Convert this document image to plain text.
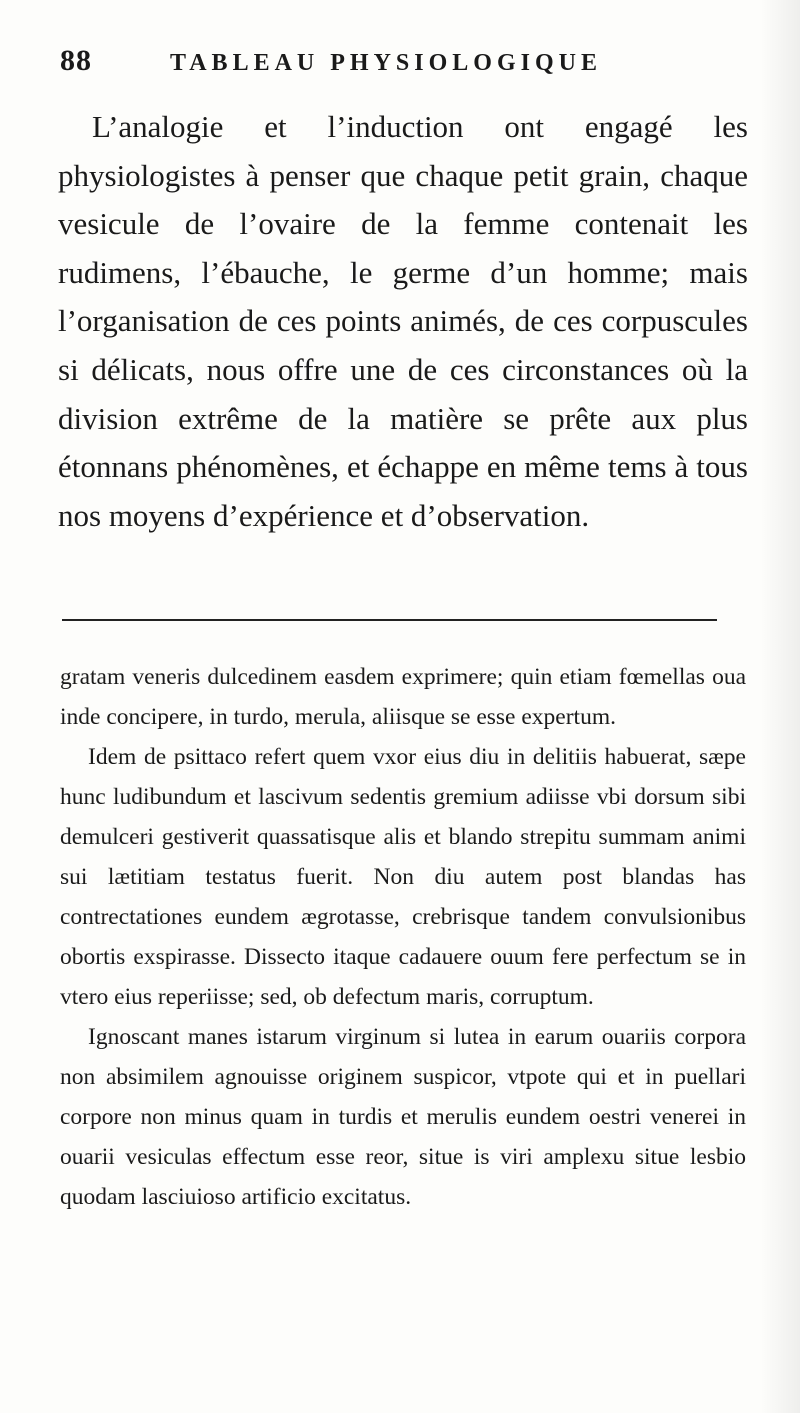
88	TABLEAU PHYSIOLOGIQUE

L’analogie et l’induction ont engagé les physiologistes à penser que chaque petit grain, chaque vesicule de l’ovaire de la femme contenait les rudimens, l’ébauche, le germe d’un homme; mais l’organisation de ces points animés, de ces corpuscules si délicats, nous offre une de ces circonstances où la division extrême de la matière se prête aux plus étonnans phénomènes, et échappe en même tems à tous nos moyens d’expérience et d’observation.

gratam veneris dulcedinem easdem exprimere; quin etiam fœmellas oua inde concipere, in turdo, merula, aliisque se esse expertum.

Idem de psittaco refert quem vxor eius diu in delitiis habuerat, sæpe hunc ludibundum et lascivum sedentis gremium adiisse vbi dorsum sibi demulceri gestiverit quassatisque alis et blando strepitu summam animi sui lætitiam testatus fuerit. Non diu autem post blandas has contrectationes eundem ægrotasse, crebrisque tandem convulsionibus obortis exspirasse. Dissecto itaque cadauere ouum fere perfectum se in vtero eius reperiisse; sed, ob defectum maris, corruptum.

Ignoscant manes istarum virginum si lutea in earum ouariis corpora non absimilem agnouisse originem suspicor, vtpote qui et in puellari corpore non minus quam in turdis et merulis eundem oestri venerei in ouarii vesiculas effectum esse reor, situe is viri amplexu situe lesbio quodam lasciuioso artificio excitatus.
